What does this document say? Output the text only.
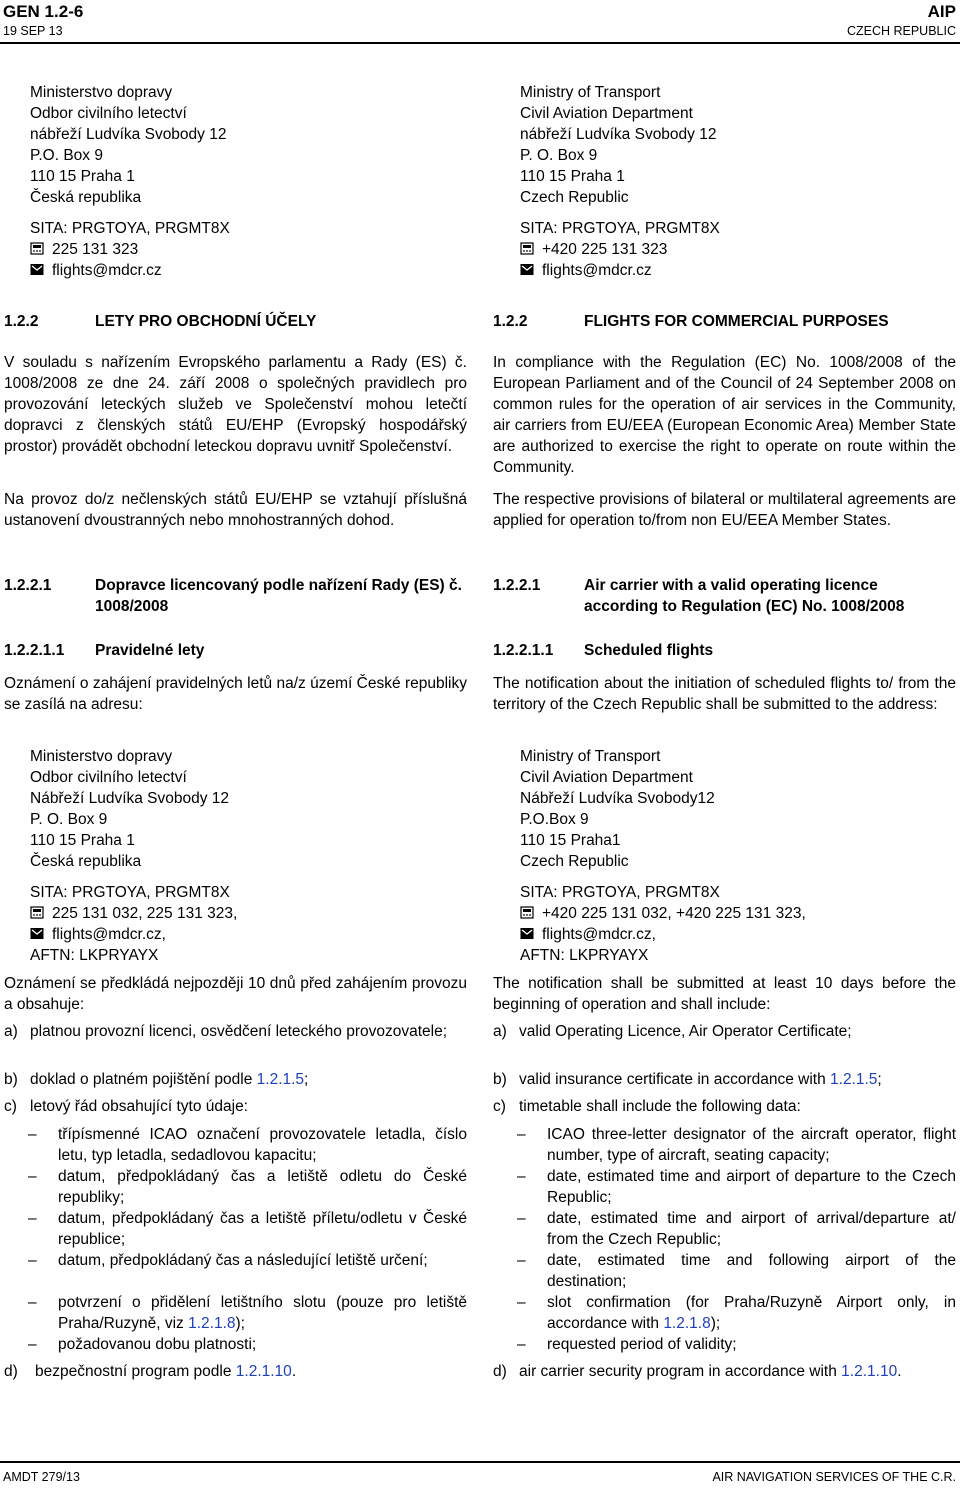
GEN 1.2-6
19 SEP 13
AIP
CZECH REPUBLIC
Ministerstvo dopravy
Odbor civilního letectví
nábřeží Ludvíka Svobody 12
P.O. Box 9
110 15 Praha 1
Česká republika
SITA: PRGTOYA, PRGMT8X
225 131 323
flights@mdcr.cz
Ministry of Transport
Civil Aviation Department
nábřeží Ludvíka Svobody 12
P. O. Box 9
110 15 Praha 1
Czech Republic
SITA: PRGTOYA, PRGMT8X
+420 225 131 323
flights@mdcr.cz
1.2.2	LETY PRO OBCHODNÍ ÚČELY	1.2.2	FLIGHTS FOR COMMERCIAL PURPOSES
V souladu s nařízením Evropského parlamentu a Rady (ES) č. 1008/2008 ze dne 24. září 2008 o společných pravidlech pro provozování leteckých služeb ve Společenství mohou letečtí dopravci z členských států EU/EHP (Evropský hospodářský prostor) provádět obchodní leteckou dopravu uvnitř Společenství.
Na provoz do/z nečlenských států EU/EHP se vztahují příslušná ustanovení dvoustranných nebo mnohostranných dohod.
In compliance with the Regulation (EC) No. 1008/2008 of the European Parliament and of the Council of 24 September 2008 on common rules for the operation of air services in the Community, air carriers from EU/EEA (European Economic Area) Member State are authorized to exercise the right to operate on route within the Community.
The respective provisions of bilateral or multilateral agreements are applied for operation to/from non EU/EEA Member States.
1.2.2.1	Dopravce licencovaný podle nařízení Rady (ES) č. 1008/2008
1.2.2.1	Air carrier with a valid operating licence according to Regulation (EC) No. 1008/2008
1.2.2.1.1 Pravidelné lety	1.2.2.1.1 Scheduled flights
Oznámení o zahájení pravidelných letů na/z území České republiky se zasílá na adresu:
The notification about the initiation of scheduled flights to/ from the territory of the Czech Republic shall be submitted to the address:
Ministerstvo dopravy
Odbor civilního letectví
Nábřeží Ludvíka Svobody 12
P. O. Box 9
110 15 Praha 1
Česká republika
SITA: PRGTOYA, PRGMT8X
225 131 032, 225 131 323,
flights@mdcr.cz,
AFTN: LKPRYAYX
Ministry of Transport
Civil Aviation Department
Nábřeží Ludvíka Svobody12
P.O.Box 9
110 15 Praha1
Czech Republic
SITA: PRGTOYA, PRGMT8X
+420 225 131 032, +420 225 131 323,
flights@mdcr.cz,
AFTN: LKPRYAYX
Oznámení se předkládá nejpozději 10 dnů před zahájením provozu a obsahuje:
The notification shall be submitted at least 10 days before the beginning of operation and shall include:
a) platnou provozní licenci, osvědčení leteckého provozovatele;
b) doklad o platném pojištění podle 1.2.1.5;
c) letový řád obsahující tyto údaje:
– třípísmenné ICAO označení provozovatele letadla, číslo letu, typ letadla, sedadlovou kapacitu;
– datum, předpokládaný čas a letiště odletu do České republiky;
– datum, předpokládaný čas a letiště příletu/odletu v České republice;
– datum, předpokládaný čas a následující letiště určení;
– potvrzení o přidělení letištního slotu (pouze pro letiště Praha/Ruzyně, viz 1.2.1.8);
– požadovanou dobu platnosti;
d) bezpečnostní program podle 1.2.1.10.
a) valid Operating Licence, Air Operator Certificate;
b) valid insurance certificate in accordance with 1.2.1.5;
c) timetable shall include the following data:
– ICAO three-letter designator of the aircraft operator, flight number, type of aircraft, seating capacity;
– date, estimated time and airport of departure to the Czech Republic;
– date, estimated time and airport of arrival/departure at/ from the Czech Republic;
– date, estimated time and following airport of the destination;
– slot confirmation (for Praha/Ruzyně Airport only, in accordance with 1.2.1.8);
– requested period of validity;
d) air carrier security program in accordance with 1.2.1.10.
AMDT 279/13	AIR NAVIGATION SERVICES OF THE C.R.
